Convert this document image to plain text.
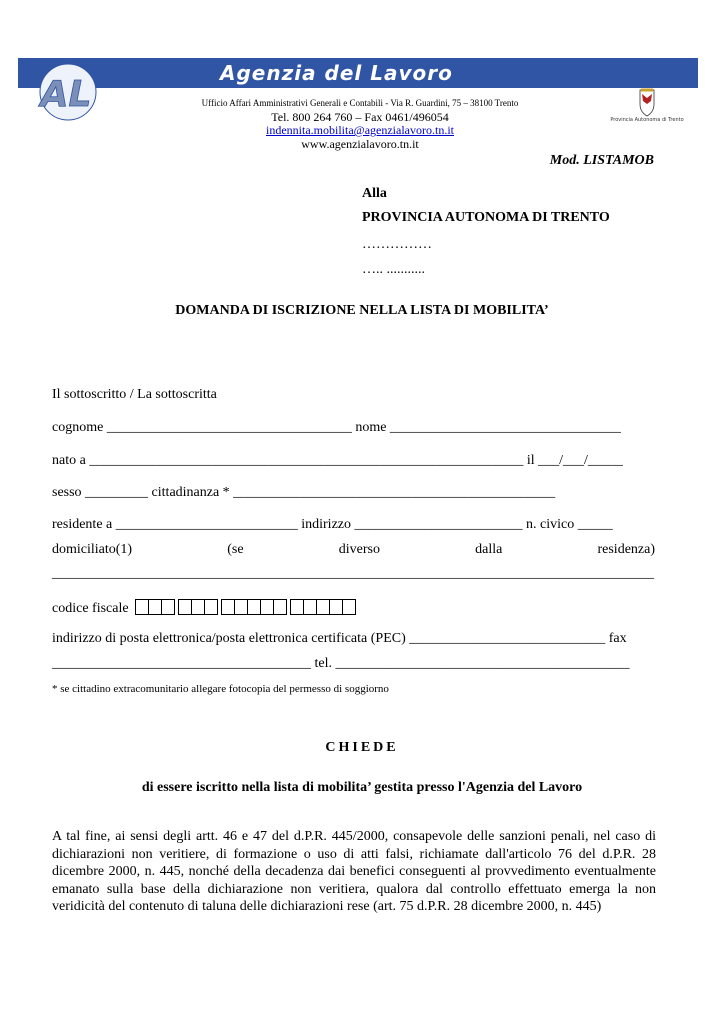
Agenzia del Lavoro
AL
Provincia Autonoma di Trento
Ufficio Affari Amministrativi Generali e Contabili - Via R. Guardini, 75 – 38100 Trento
Tel. 800 264 760 – Fax 0461/496054
indennita.mobilita@agenzialavoro.tn.it
www.agenzialavoro.tn.it
Mod. LISTAMOB
Alla
PROVINCIA AUTONOMA DI TRENTO
……………
….. ...........
DOMANDA DI ISCRIZIONE NELLA LISTA DI MOBILITA’
Il sottoscritto / La sottoscritta
cognome ___________________________________ nome _________________________________
nato a ______________________________________________________________ il ___/___/_____
sesso _________ cittadinanza * ______________________________________________
residente a __________________________ indirizzo ________________________ n. civico _____
domiciliato(1)	(se	diverso	dalla	residenza)
______________________________________________________________________________________
codice fiscale
indirizzo di posta elettronica/posta elettronica certificata (PEC) ____________________________ fax
_____________________________________ tel. __________________________________________
* se cittadino extracomunitario allegare fotocopia del permesso di soggiorno
CHIEDE
di essere iscritto nella lista di mobilita’ gestita presso l'Agenzia del Lavoro
A tal fine, ai sensi degli artt. 46 e 47 del d.P.R. 445/2000, consapevole delle sanzioni penali, nel caso di dichiarazioni non veritiere, di formazione o uso di atti falsi, richiamate dall'articolo 76 del d.P.R. 28 dicembre 2000, n. 445, nonché della decadenza dai benefici conseguenti al provvedimento eventualmente emanato sulla base della dichiarazione non veritiera, qualora dal controllo effettuato emerga la non veridicità del contenuto di taluna delle dichiarazioni rese (art. 75 d.P.R. 28 dicembre 2000, n. 445)
